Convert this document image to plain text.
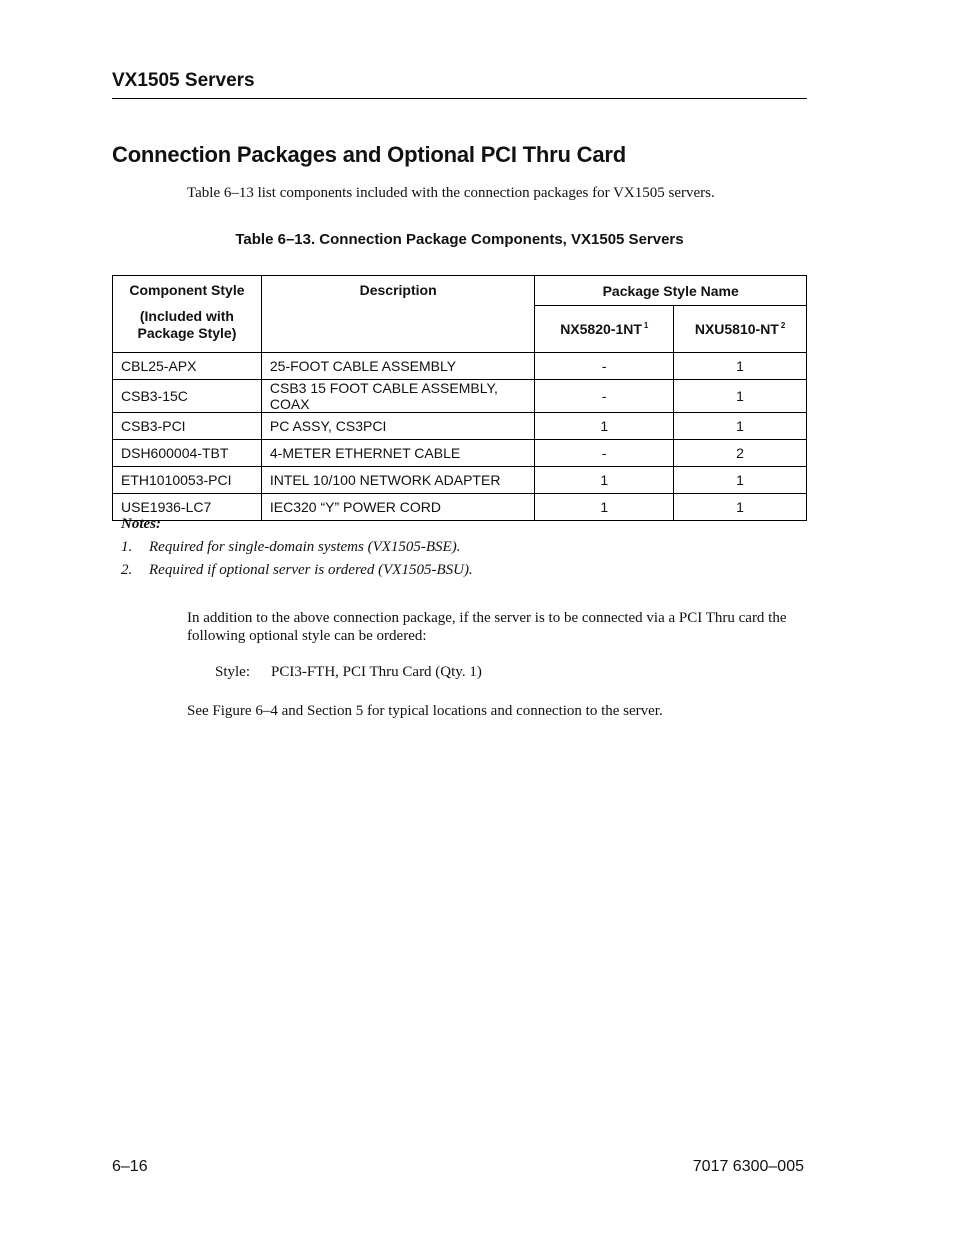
VX1505 Servers
Connection Packages and Optional PCI Thru Card
Table 6–13 list components included with the connection packages for VX1505 servers.
Table 6–13. Connection Package Components, VX1505 Servers
Component Style
(Included with Package Style)	Description	Package Style Name	
		NX5820-1NT $^1$	NXU5810-NT $^2$
CBL25-APX	25-FOOT CABLE ASSEMBLY	-	1
CSB3-15C	CSB3 15 FOOT CABLE ASSEMBLY, COAX	-	1
CSB3-PCI	PC ASSY, CS3PCI	1	1
DSH600004-TBT	4-METER ETHERNET CABLE	-	2
ETH1010053-PCI	INTEL 10/100 NETWORK ADAPTER	1	1
USE1936-LC7	IEC320 “Y” POWER CORD	1	1
Notes:
1. Required for single-domain systems (VX1505-BSE).
2. Required if optional server is ordered (VX1505-BSU).
In addition to the above connection package, if the server is to be connected via a PCI Thru card the following optional style can be ordered:
Style: PCI3-FTH, PCI Thru Card (Qty. 1)
See Figure 6–4 and Section 5 for typical locations and connection to the server.
6–16	7017 6300–005
